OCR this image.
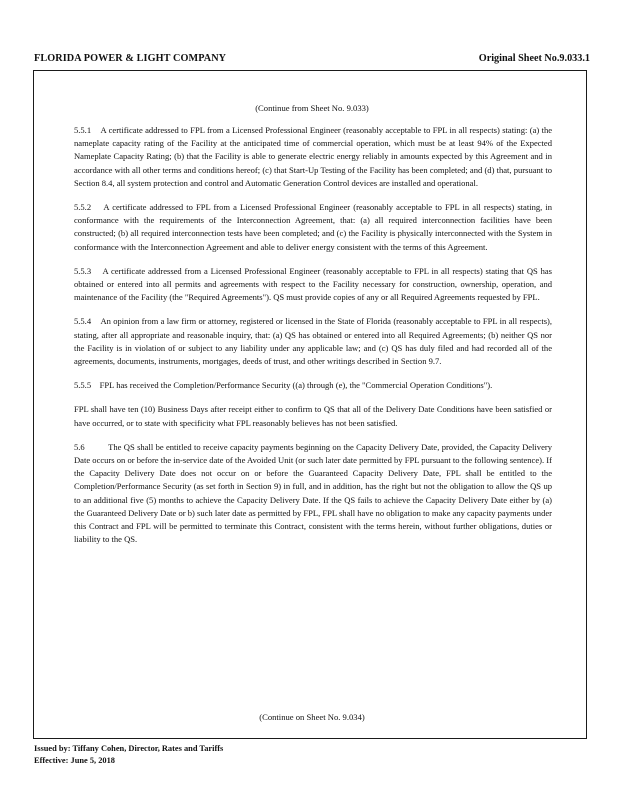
FLORIDA POWER & LIGHT COMPANY	Original Sheet No.9.033.1
(Continue from Sheet No. 9.033)

5.5.1 A certificate addressed to FPL from a Licensed Professional Engineer (reasonably acceptable to FPL in all respects) stating: (a) the nameplate capacity rating of the Facility at the anticipated time of commercial operation, which must be at least 94% of the Expected Nameplate Capacity Rating; (b) that the Facility is able to generate electric energy reliably in amounts expected by this Agreement and in accordance with all other terms and conditions hereof; (c) that Start-Up Testing of the Facility has been completed; and (d) that, pursuant to Section 8.4, all system protection and control and Automatic Generation Control devices are installed and operational.

5.5.2 A certificate addressed to FPL from a Licensed Professional Engineer (reasonably acceptable to FPL in all respects) stating, in conformance with the requirements of the Interconnection Agreement, that: (a) all required interconnection facilities have been constructed; (b) all required interconnection tests have been completed; and (c) the Facility is physically interconnected with the System in conformance with the Interconnection Agreement and able to deliver energy consistent with the terms of this Agreement.

5.5.3 A certificate addressed from a Licensed Professional Engineer (reasonably acceptable to FPL in all respects) stating that QS has obtained or entered into all permits and agreements with respect to the Facility necessary for construction, ownership, operation, and maintenance of the Facility (the "Required Agreements"). QS must provide copies of any or all Required Agreements requested by FPL.

5.5.4 An opinion from a law firm or attorney, registered or licensed in the State of Florida (reasonably acceptable to FPL in all respects), stating, after all appropriate and reasonable inquiry, that: (a) QS has obtained or entered into all Required Agreements; (b) neither QS nor the Facility is in violation of or subject to any liability under any applicable law; and (c) QS has duly filed and had recorded all of the agreements, documents, instruments, mortgages, deeds of trust, and other writings described in Section 9.7.

5.5.5 FPL has received the Completion/Performance Security ((a) through (e), the "Commercial Operation Conditions").

FPL shall have ten (10) Business Days after receipt either to confirm to QS that all of the Delivery Date Conditions have been satisfied or have occurred, or to state with specificity what FPL reasonably believes has not been satisfied.

5.6	The QS shall be entitled to receive capacity payments beginning on the Capacity Delivery Date, provided, the Capacity Delivery Date occurs on or before the in-service date of the Avoided Unit (or such later date permitted by FPL pursuant to the following sentence). If the Capacity Delivery Date does not occur on or before the Guaranteed Capacity Delivery Date, FPL shall be entitled to the Completion/Performance Security (as set forth in Section 9) in full, and in addition, has the right but not the obligation to allow the QS up to an additional five (5) months to achieve the Capacity Delivery Date. If the QS fails to achieve the Capacity Delivery Date either by (a) the Guaranteed Delivery Date or b) such later date as permitted by FPL, FPL shall have no obligation to make any capacity payments under this Contract and FPL will be permitted to terminate this Contract, consistent with the terms herein, without further obligations, duties or liability to the QS.

(Continue on Sheet No. 9.034)
Issued by: Tiffany Cohen, Director, Rates and Tariffs
Effective: June 5, 2018
